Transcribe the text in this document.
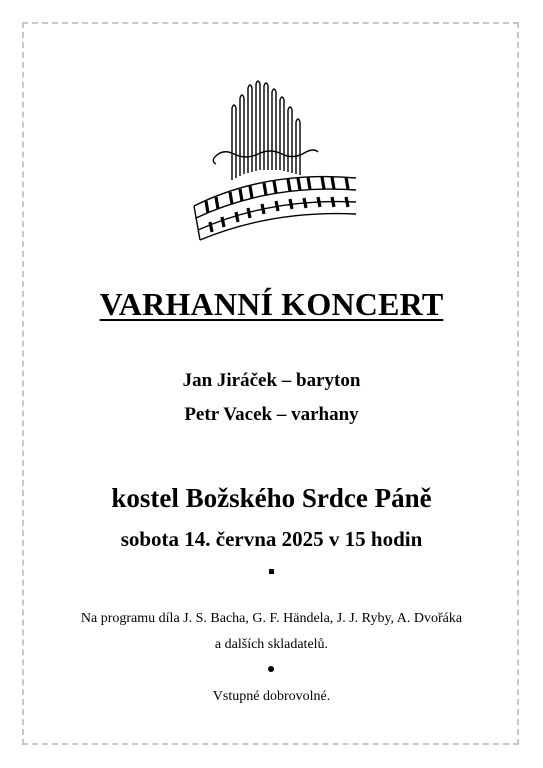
VARHANNÍ KONCERT
Jan Jiráček – baryton
Petr Vacek – varhany
kostel Božského Srdce Páně
sobota 14. června 2025 v 15 hodin
Na programu díla J. S. Bacha, G. F. Händela, J. J. Ryby, A. Dvořáka
a dalších skladatelů.
Vstupné dobrovolné.
